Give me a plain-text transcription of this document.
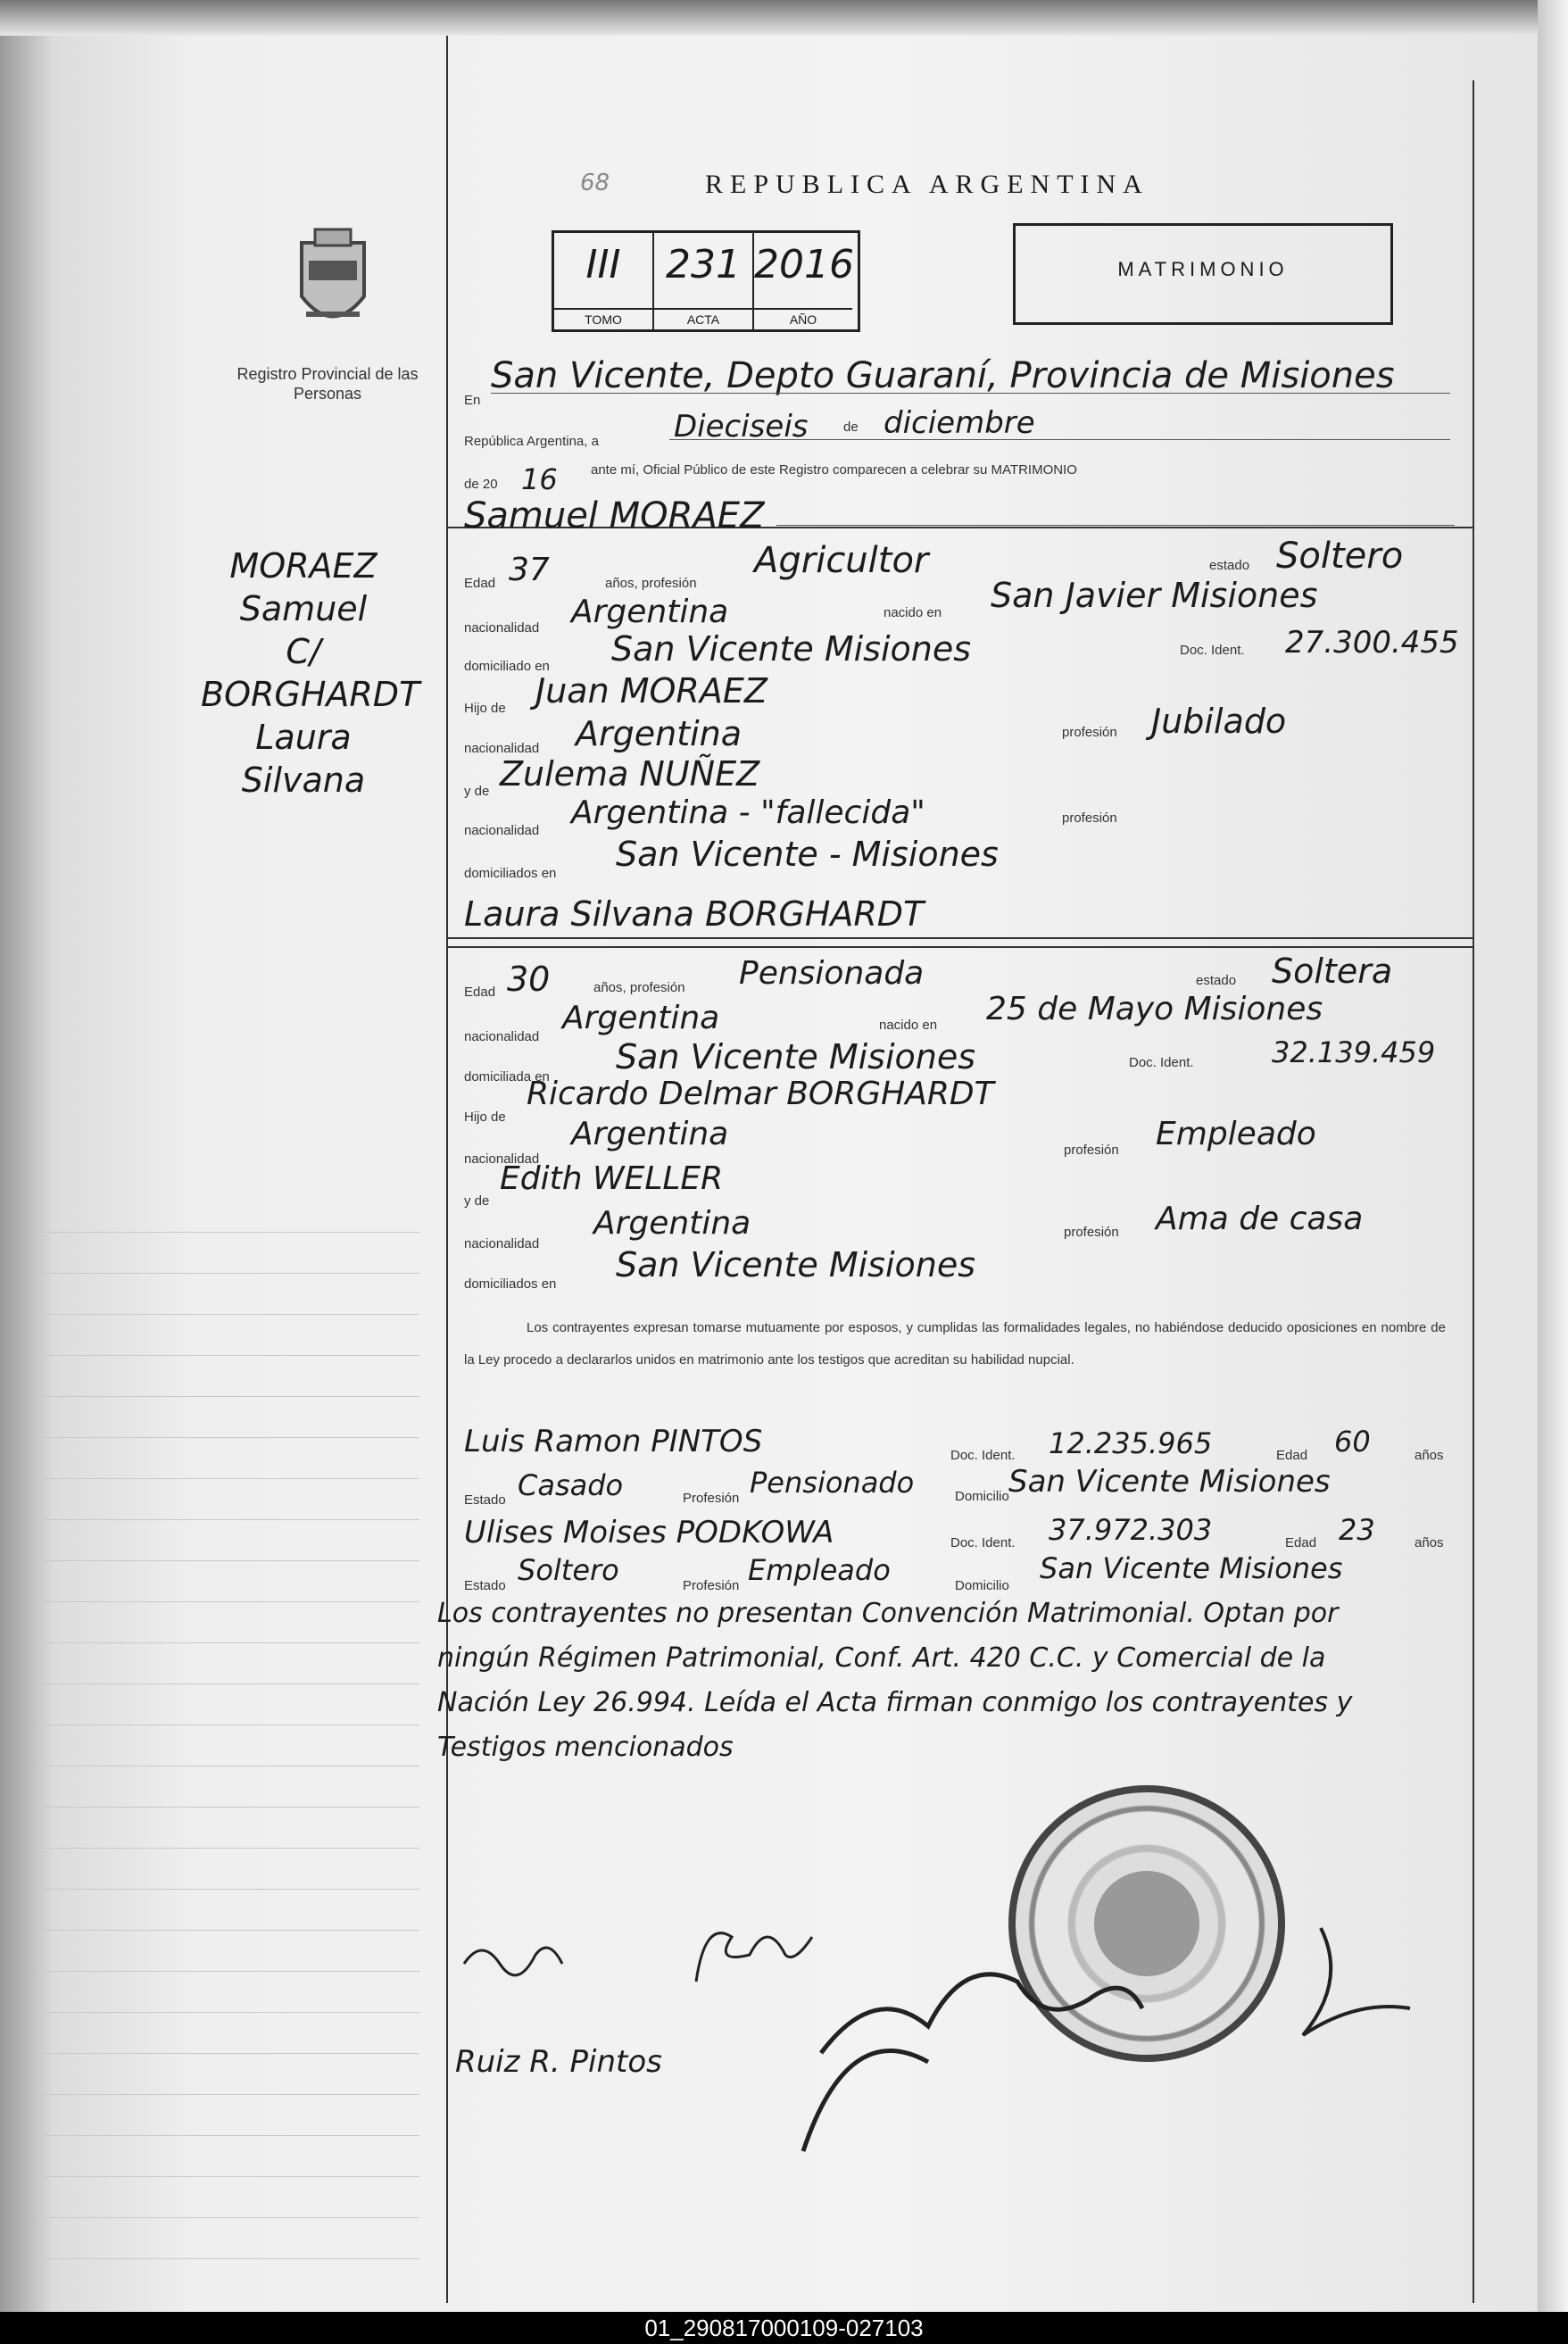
68	REPUBLICA ARGENTINA
Registro Provincial de las Personas
III
TOMO
231
ACTA
2016
AÑO
MATRIMONIO
MORAEZ
Samuel
C/
BORGHARDT
Laura
Silvana
En
San Vicente, Depto Guaraní, Provincia de Misiones
República Argentina, a Dieciseis	de diciembre
de 20 16 ante mí, Oficial Público de este Registro comparecen a celebrar su MATRIMONIO
Samuel MORAEZ
Edad 37	años, profesión
Agricultor	estado Soltero
nacionalidad Argentina	nacido en San Javier Misiones
domiciliado en San Vicente Misiones	Doc. Ident. 27.300.455
Hijo de Juan MORAEZ
nacionalidad Argentina	profesión Jubilado
y de Zulema NUÑEZ
nacionalidad Argentina - "fallecida"	profesión
domiciliados en San Vicente - Misiones
Laura Silvana BORGHARDT
Edad 30	años, profesión Pensionada	estado Soltera
nacionalidad
Argentina	nacido en 25 de Mayo Misiones
domiciliada en
San Vicente Misiones	Doc. Ident.	32.139.459
Hijo de
Ricardo Delmar BORGHARDT
nacionalidad
Argentina	profesión Empleado
y de
Edith WELLER
nacionalidad
Argentina	profesión Ama de casa
domiciliados en San Vicente Misiones
Los contrayentes expresan tomarse mutuamente por esposos, y cumplidas las formalidades legales, no habiéndose deducido oposiciones en nombre de la Ley procedo a declararlos unidos en matrimonio ante los testigos que acreditan su habilidad nupcial.
Luis Ramon PINTOS	Doc. Ident. 12.235.965	Edad 60	años
Estado Casado	Profesión Pensionado	Domicilio San Vicente Misiones
Ulises Moises PODKOWA	Doc. Ident. 37.972.303	Edad 23	años
Estado Soltero	Profesión Empleado	Domicilio
San Vicente Misiones
Los contrayentes no presentan Convención Matrimonial. Optan por
ningún Régimen Patrimonial, Conf. Art. 420 C.C. y Comercial de la
Nación Ley 26.994. Leída el Acta firman conmigo los contrayentes y
Testigos mencionados
Ruiz R. Pintos
01_290817000109-027103
